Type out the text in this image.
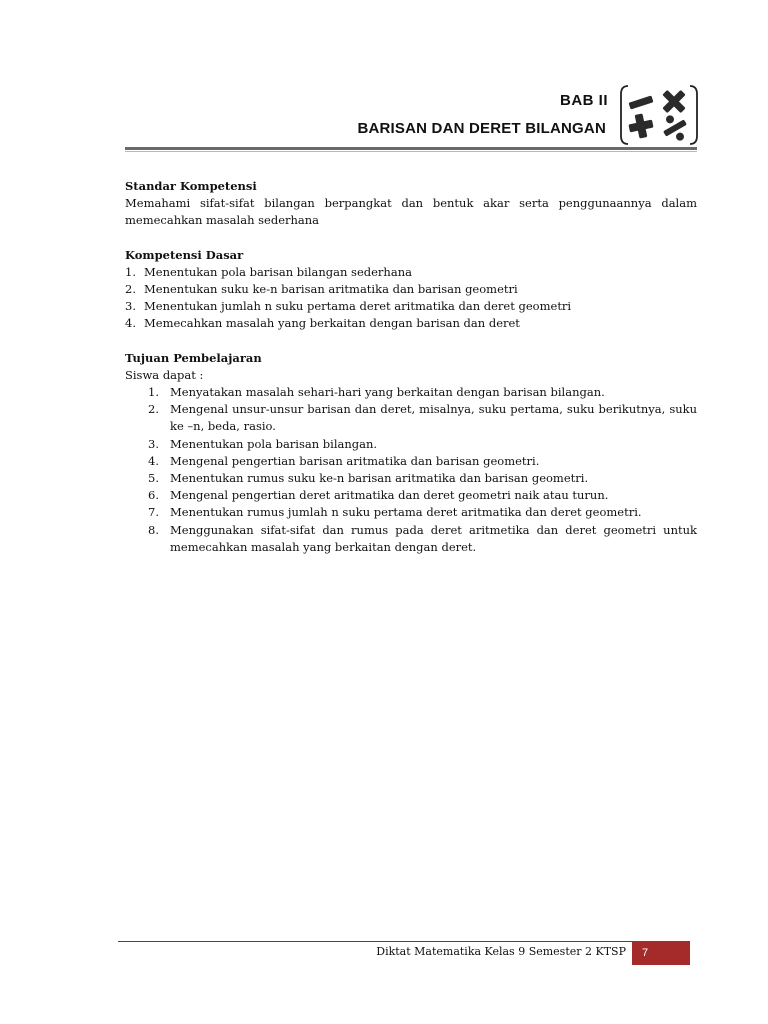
BAB II
BARISAN DAN DERET BILANGAN

Standar Kompetensi

Memahami sifat-sifat bilangan berpangkat dan bentuk akar serta penggunaannya dalam memecahkan masalah sederhana

Kompetensi Dasar

1. Menentukan pola barisan bilangan sederhana
2. Menentukan suku ke-n barisan aritmatika dan barisan geometri
3. Menentukan jumlah n suku pertama deret aritmatika dan deret geometri
4. Memecahkan masalah yang berkaitan dengan barisan dan deret

Tujuan Pembelajaran

Siswa dapat :

1. Menyatakan masalah sehari-hari yang berkaitan dengan barisan bilangan.
2. Mengenal unsur-unsur barisan dan deret, misalnya, suku pertama, suku berikutnya, suku ke –n, beda, rasio.
3. Menentukan pola barisan bilangan.
4. Mengenal pengertian barisan aritmatika dan barisan geometri.
5. Menentukan rumus suku ke-n barisan aritmatika dan barisan geometri.
6. Mengenal pengertian deret aritmatika dan deret geometri naik atau turun.
7. Menentukan rumus jumlah n suku pertama deret aritmatika dan deret geometri.
8. Menggunakan sifat-sifat dan rumus pada deret aritmetika dan deret geometri untuk memecahkan masalah yang berkaitan dengan deret.
Diktat Matematika Kelas 9 Semester 2 KTSP	7
